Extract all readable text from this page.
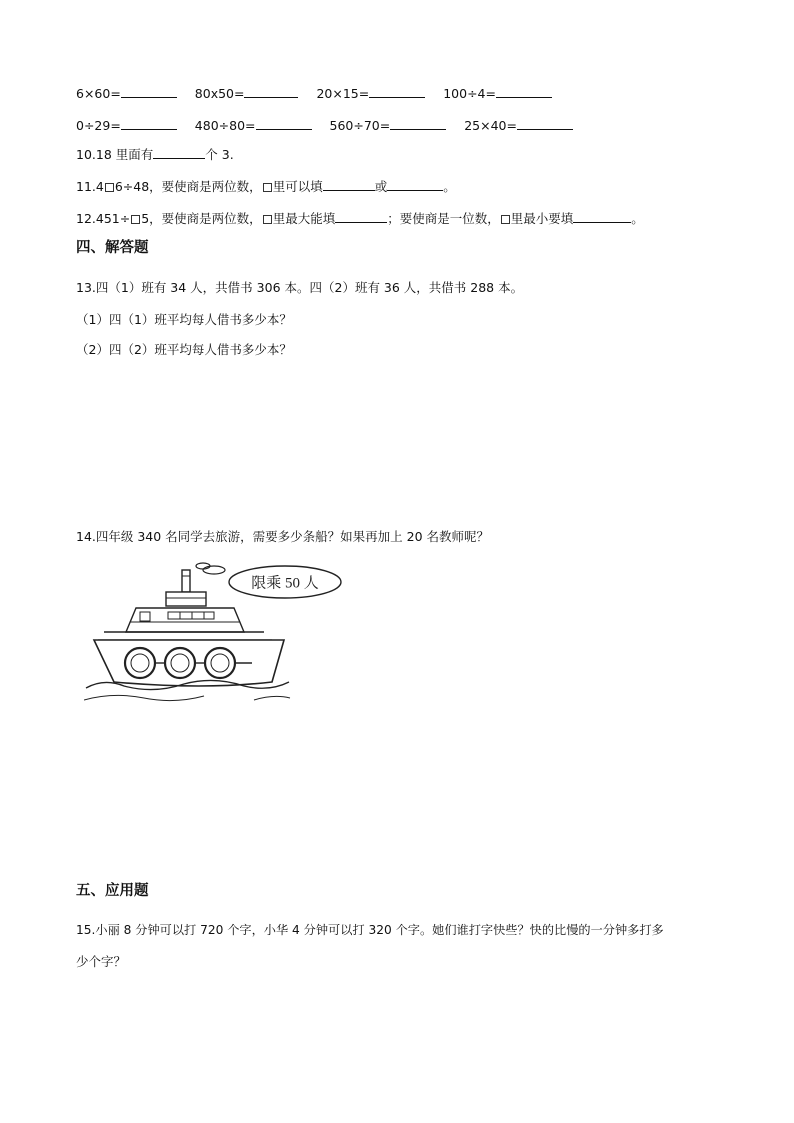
6×60=	80x50=	20×15=	100÷4=
0÷29=	480÷80=	560÷70=	25×40=
10.18 里面有	个 3.
11.4 6÷48，要使商是两位数， 里可以填	或	。
12.451÷ 5，要使商是两位数， 里最大能填	；要使商是一位数， 里最小要填	。
四、解答题
13.四（1）班有 34 人，共借书 306 本。四（2）班有 36 人，共借书 288 本。
（1）四（1）班平均每人借书多少本？
（2）四（2）班平均每人借书多少本？
14.四年级 340 名同学去旅游，需要多少条船？如果再加上 20 名教师呢？
限乘 50 人
五、应用题
15.小丽 8 分钟可以打 720 个字，小华 4 分钟可以打 320 个字。她们谁打字快些？快的比慢的一分钟多打多
少个字？
